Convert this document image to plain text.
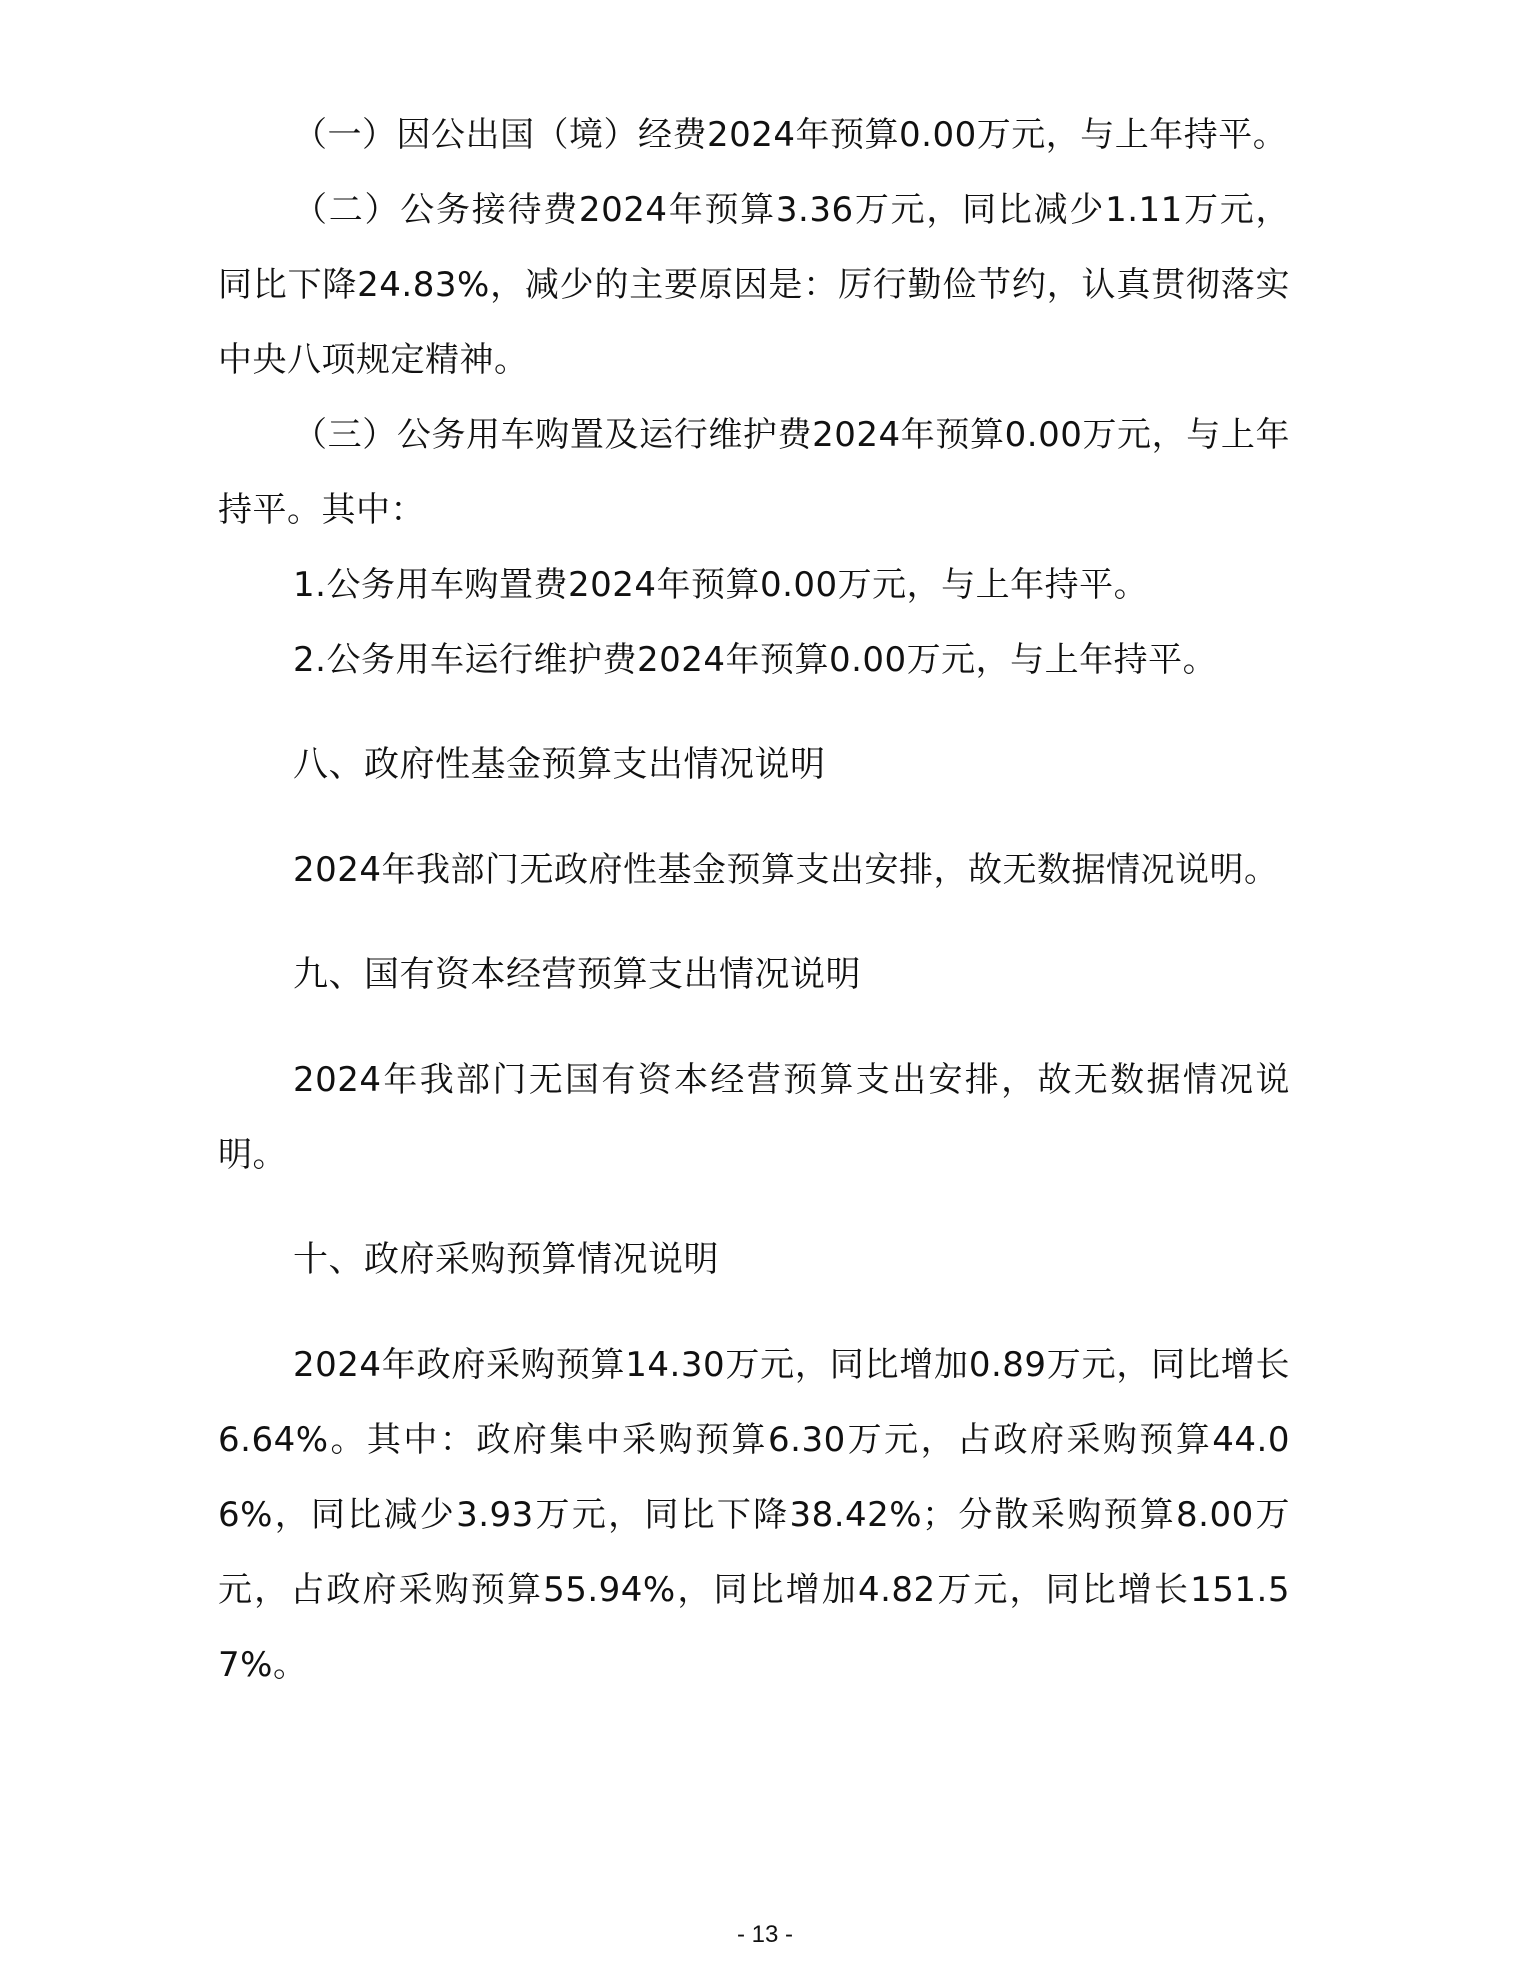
（一）因公出国（境）经费2024年预算0.00万元，与上年持平。

（二）公务接待费2024年预算3.36万元，同比减少1.11万元，同比下降24.83%，减少的主要原因是：厉行勤俭节约，认真贯彻落实中央八项规定精神。

（三）公务用车购置及运行维护费2024年预算0.00万元，与上年持平。其中：

1.公务用车购置费2024年预算0.00万元，与上年持平。

2.公务用车运行维护费2024年预算0.00万元，与上年持平。

八、政府性基金预算支出情况说明

2024年我部门无政府性基金预算支出安排，故无数据情况说明。

九、国有资本经营预算支出情况说明

2024年我部门无国有资本经营预算支出安排，故无数据情况说明。

十、政府采购预算情况说明

2024年政府采购预算14.30万元，同比增加0.89万元，同比增长6.64%。其中：政府集中采购预算6.30万元，占政府采购预算44.06%，同比减少3.93万元，同比下降38.42%；分散采购预算8.00万元，占政府采购预算55.94%，同比增加4.82万元，同比增长151.57%。

- 13 -
